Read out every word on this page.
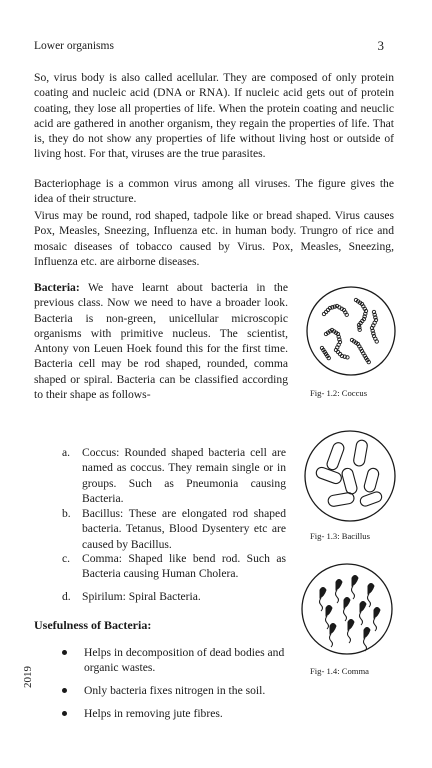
Lower organisms	3

So, virus body is also called acellular. They are composed of only protein coating and nucleic acid (DNA or RNA). If nucleic acid gets out of protein coating, they lose all properties of life. When the protein coating and neuclic acid are gathered in another organism, they regain the properties of life. That is, they do not show any properties of life without living host or outside of living host. For that, viruses are the true parasites.

Bacteriophage is a common virus among all viruses. The figure gives the idea of their structure.

Virus may be round, rod shaped, tadpole like or bread shaped. Virus causes Pox, Measles, Sneezing, Influenza etc. in human body. Trungro of rice and mosaic diseases of tobacco caused by Virus. Pox, Measles, Sneezing, Influenza etc. are airborne diseases.

Bacteria: We have learnt about bacteria in the previous class. Now we need to have a broader look. Bacteria is non-green, unicellular microscopic organisms with primitive nucleus. The scientist, Antony von Leuen Hoek found this for the first time. Bacteria cell may be rod shaped, rounded, comma shaped or spiral. Bacteria can be classified according to their shape as follows-

a. Coccus: Rounded shaped bacteria cell are named as coccus. They remain single or in groups. Such as Pneumonia causing Bacteria.
b. Bacillus: These are elongated rod shaped bacteria. Tetanus, Blood Dysentery etc are caused by Bacillus.
c. Comma: Shaped like bend rod. Such as Bacteria causing Human Cholera.
d. Spirilum: Spiral Bacteria.
Usefulness of Bacteria:
Helps in decomposition of dead bodies and organic wastes.
Only bacteria fixes nitrogen in the soil.
Helps in removing jute fibres.
Fig- 1.2: Coccus
Fig- 1.3: Bacillus
Fig- 1.4: Comma
2019
